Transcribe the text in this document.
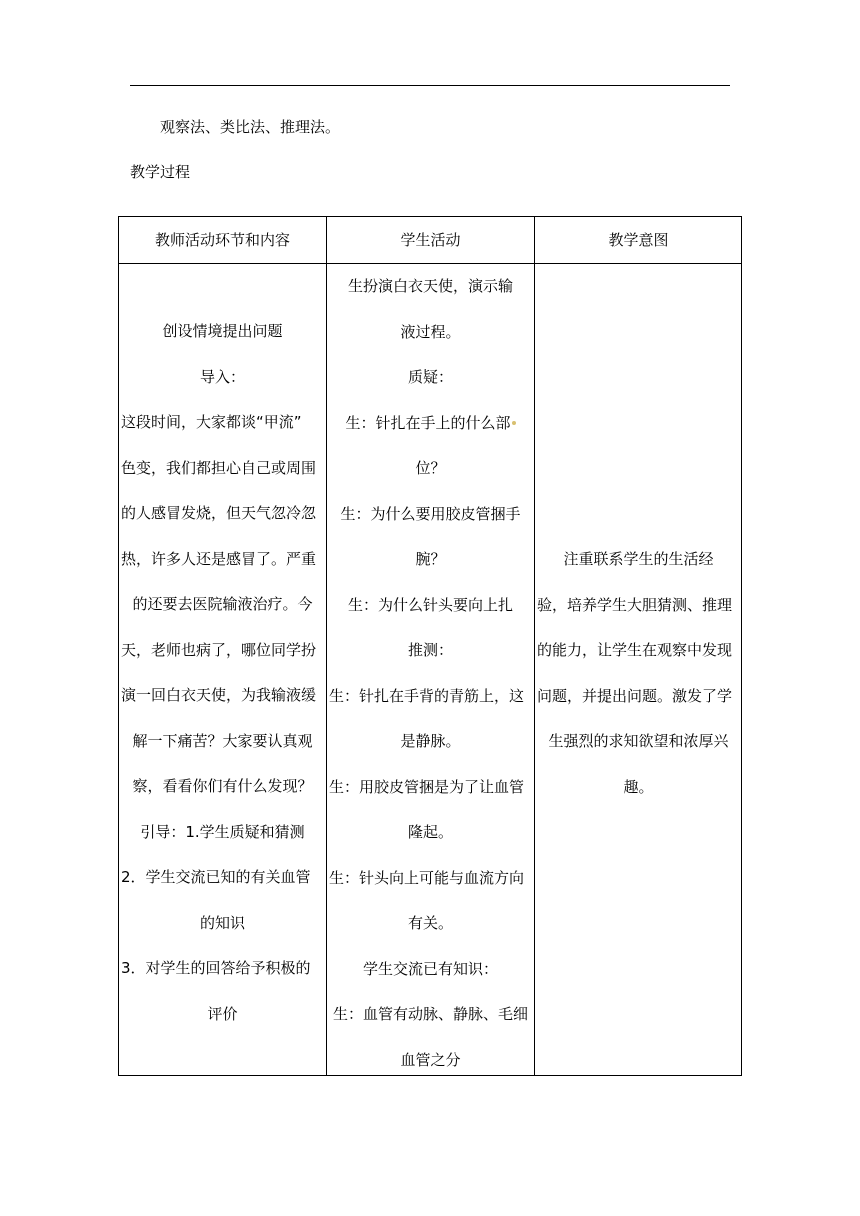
观察法、类比法、推理法。
教学过程
教师活动环节和内容	学生活动	教学意图
创设情境提出问题
导入：
这段时间，大家都谈“甲流”
色变，我们都担心自己或周围
的人感冒发烧，但天气忽冷忽
热，许多人还是感冒了。严重
的还要去医院输液治疗。今
天，老师也病了，哪位同学扮
演一回白衣天使，为我输液缓
解一下痛苦？大家要认真观
察，看看你们有什么发现？
引导：1.学生质疑和猜测
2．学生交流已知的有关血管
的知识
3．对学生的回答给予积极的
评价
生扮演白衣天使，演示输
液过程。
质疑：
生：针扎在手上的什么部
位？
生：为什么要用胶皮管捆手
腕？
生：为什么针头要向上扎
推测：
生：针扎在手背的青筋上，这
是静脉。
生：用胶皮管捆是为了让血管
隆起。
生：针头向上可能与血流方向
有关。
学生交流已有知识：
生：血管有动脉、静脉、毛细
血管之分
注重联系学生的生活经
验，培养学生大胆猜测、推理
的能力，让学生在观察中发现
问题，并提出问题。激发了学
生强烈的求知欲望和浓厚兴
趣。
